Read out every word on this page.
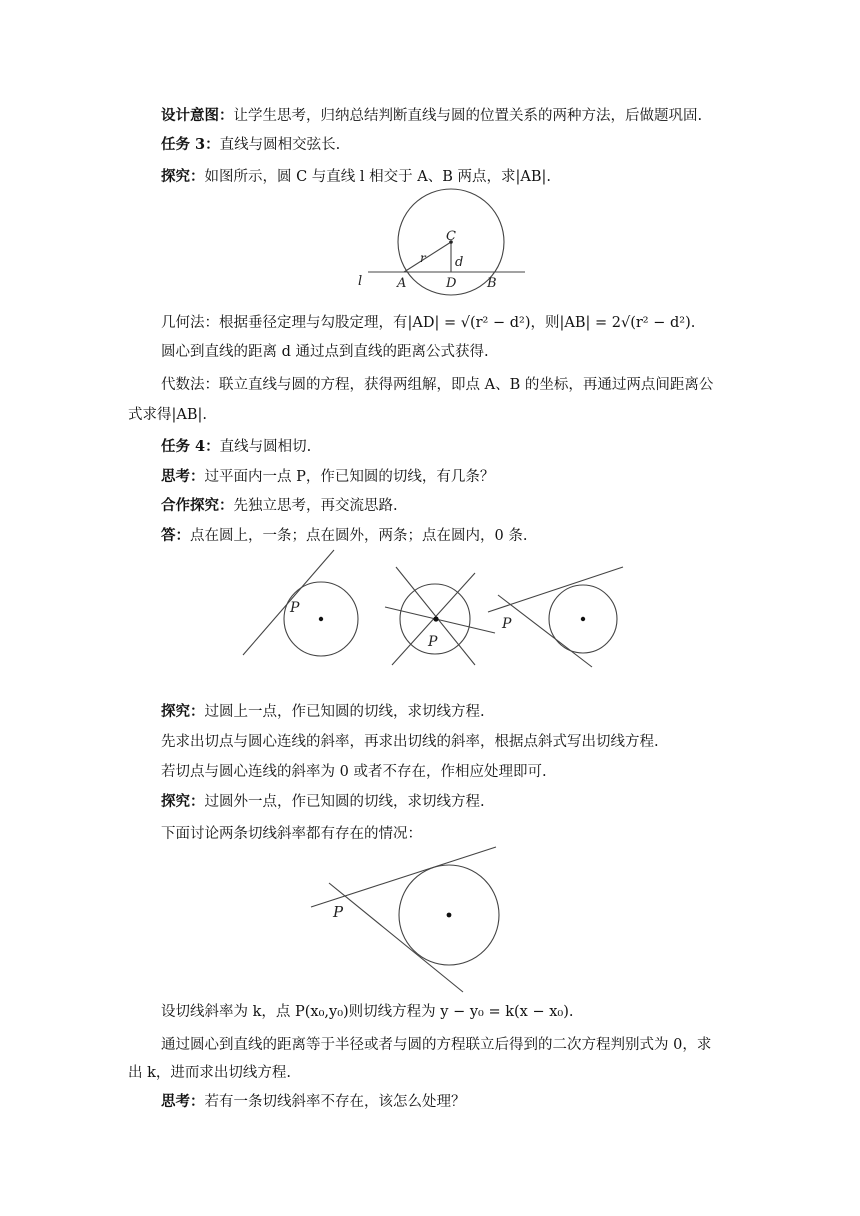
设计意图：让学生思考，归纳总结判断直线与圆的位置关系的两种方法，后做题巩固.
任务 3：直线与圆相交弦长.
探究：如图所示，圆 C 与直线 l 相交于 A、B 两点，求|AB|.
C
r d
l	A	D B
几何法：根据垂径定理与勾股定理，有|AD| = √(r² − d²)，则|AB| = 2√(r² − d²).
圆心到直线的距离 d 通过点到直线的距离公式获得.
代数法：联立直线与圆的方程，获得两组解，即点 A、B 的坐标，再通过两点间距离公
式求得|AB|.
任务 4：直线与圆相切.
思考：过平面内一点 P，作已知圆的切线，有几条？
合作探究：先独立思考，再交流思路.
答：点在圆上，一条；点在圆外，两条；点在圆内，0 条.
P
P
P
探究：过圆上一点，作已知圆的切线，求切线方程.
先求出切点与圆心连线的斜率，再求出切线的斜率，根据点斜式写出切线方程.
若切点与圆心连线的斜率为 0 或者不存在，作相应处理即可.
探究：过圆外一点，作已知圆的切线，求切线方程.
下面讨论两条切线斜率都有存在的情况：
P
设切线斜率为 k，点 P(x₀,y₀)则切线方程为 y − y₀ = k(x − x₀).
通过圆心到直线的距离等于半径或者与圆的方程联立后得到的二次方程判别式为 0，求
出 k，进而求出切线方程.
思考：若有一条切线斜率不存在，该怎么处理？
